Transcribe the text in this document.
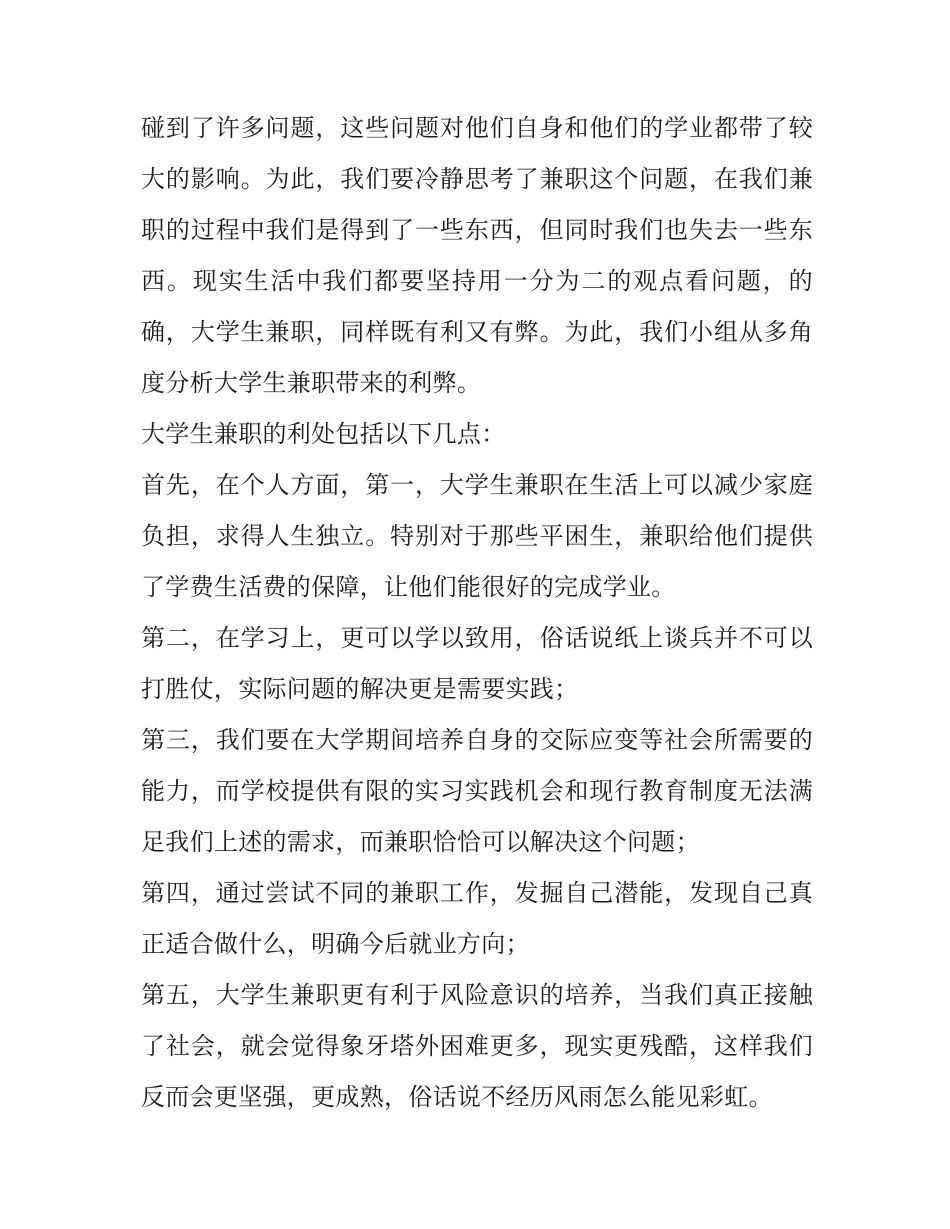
碰到了许多问题，这些问题对他们自身和他们的学业都带了较大的影响。为此，我们要冷静思考了兼职这个问题，在我们兼职的过程中我们是得到了一些东西，但同时我们也失去一些东西。现实生活中我们都要坚持用一分为二的观点看问题，的确，大学生兼职，同样既有利又有弊。为此，我们小组从多角度分析大学生兼职带来的利弊。

大学生兼职的利处包括以下几点：

首先，在个人方面，第一，大学生兼职在生活上可以减少家庭负担，求得人生独立。特别对于那些平困生，兼职给他们提供了学费生活费的保障，让他们能很好的完成学业。

第二，在学习上，更可以学以致用，俗话说纸上谈兵并不可以打胜仗，实际问题的解决更是需要实践；

第三，我们要在大学期间培养自身的交际应变等社会所需要的能力，而学校提供有限的实习实践机会和现行教育制度无法满足我们上述的需求，而兼职恰恰可以解决这个问题；

第四，通过尝试不同的兼职工作，发掘自己潜能，发现自己真正适合做什么，明确今后就业方向；

第五，大学生兼职更有利于风险意识的培养，当我们真正接触了社会，就会觉得象牙塔外困难更多，现实更残酷，这样我们反而会更坚强，更成熟，俗话说不经历风雨怎么能见彩虹。
